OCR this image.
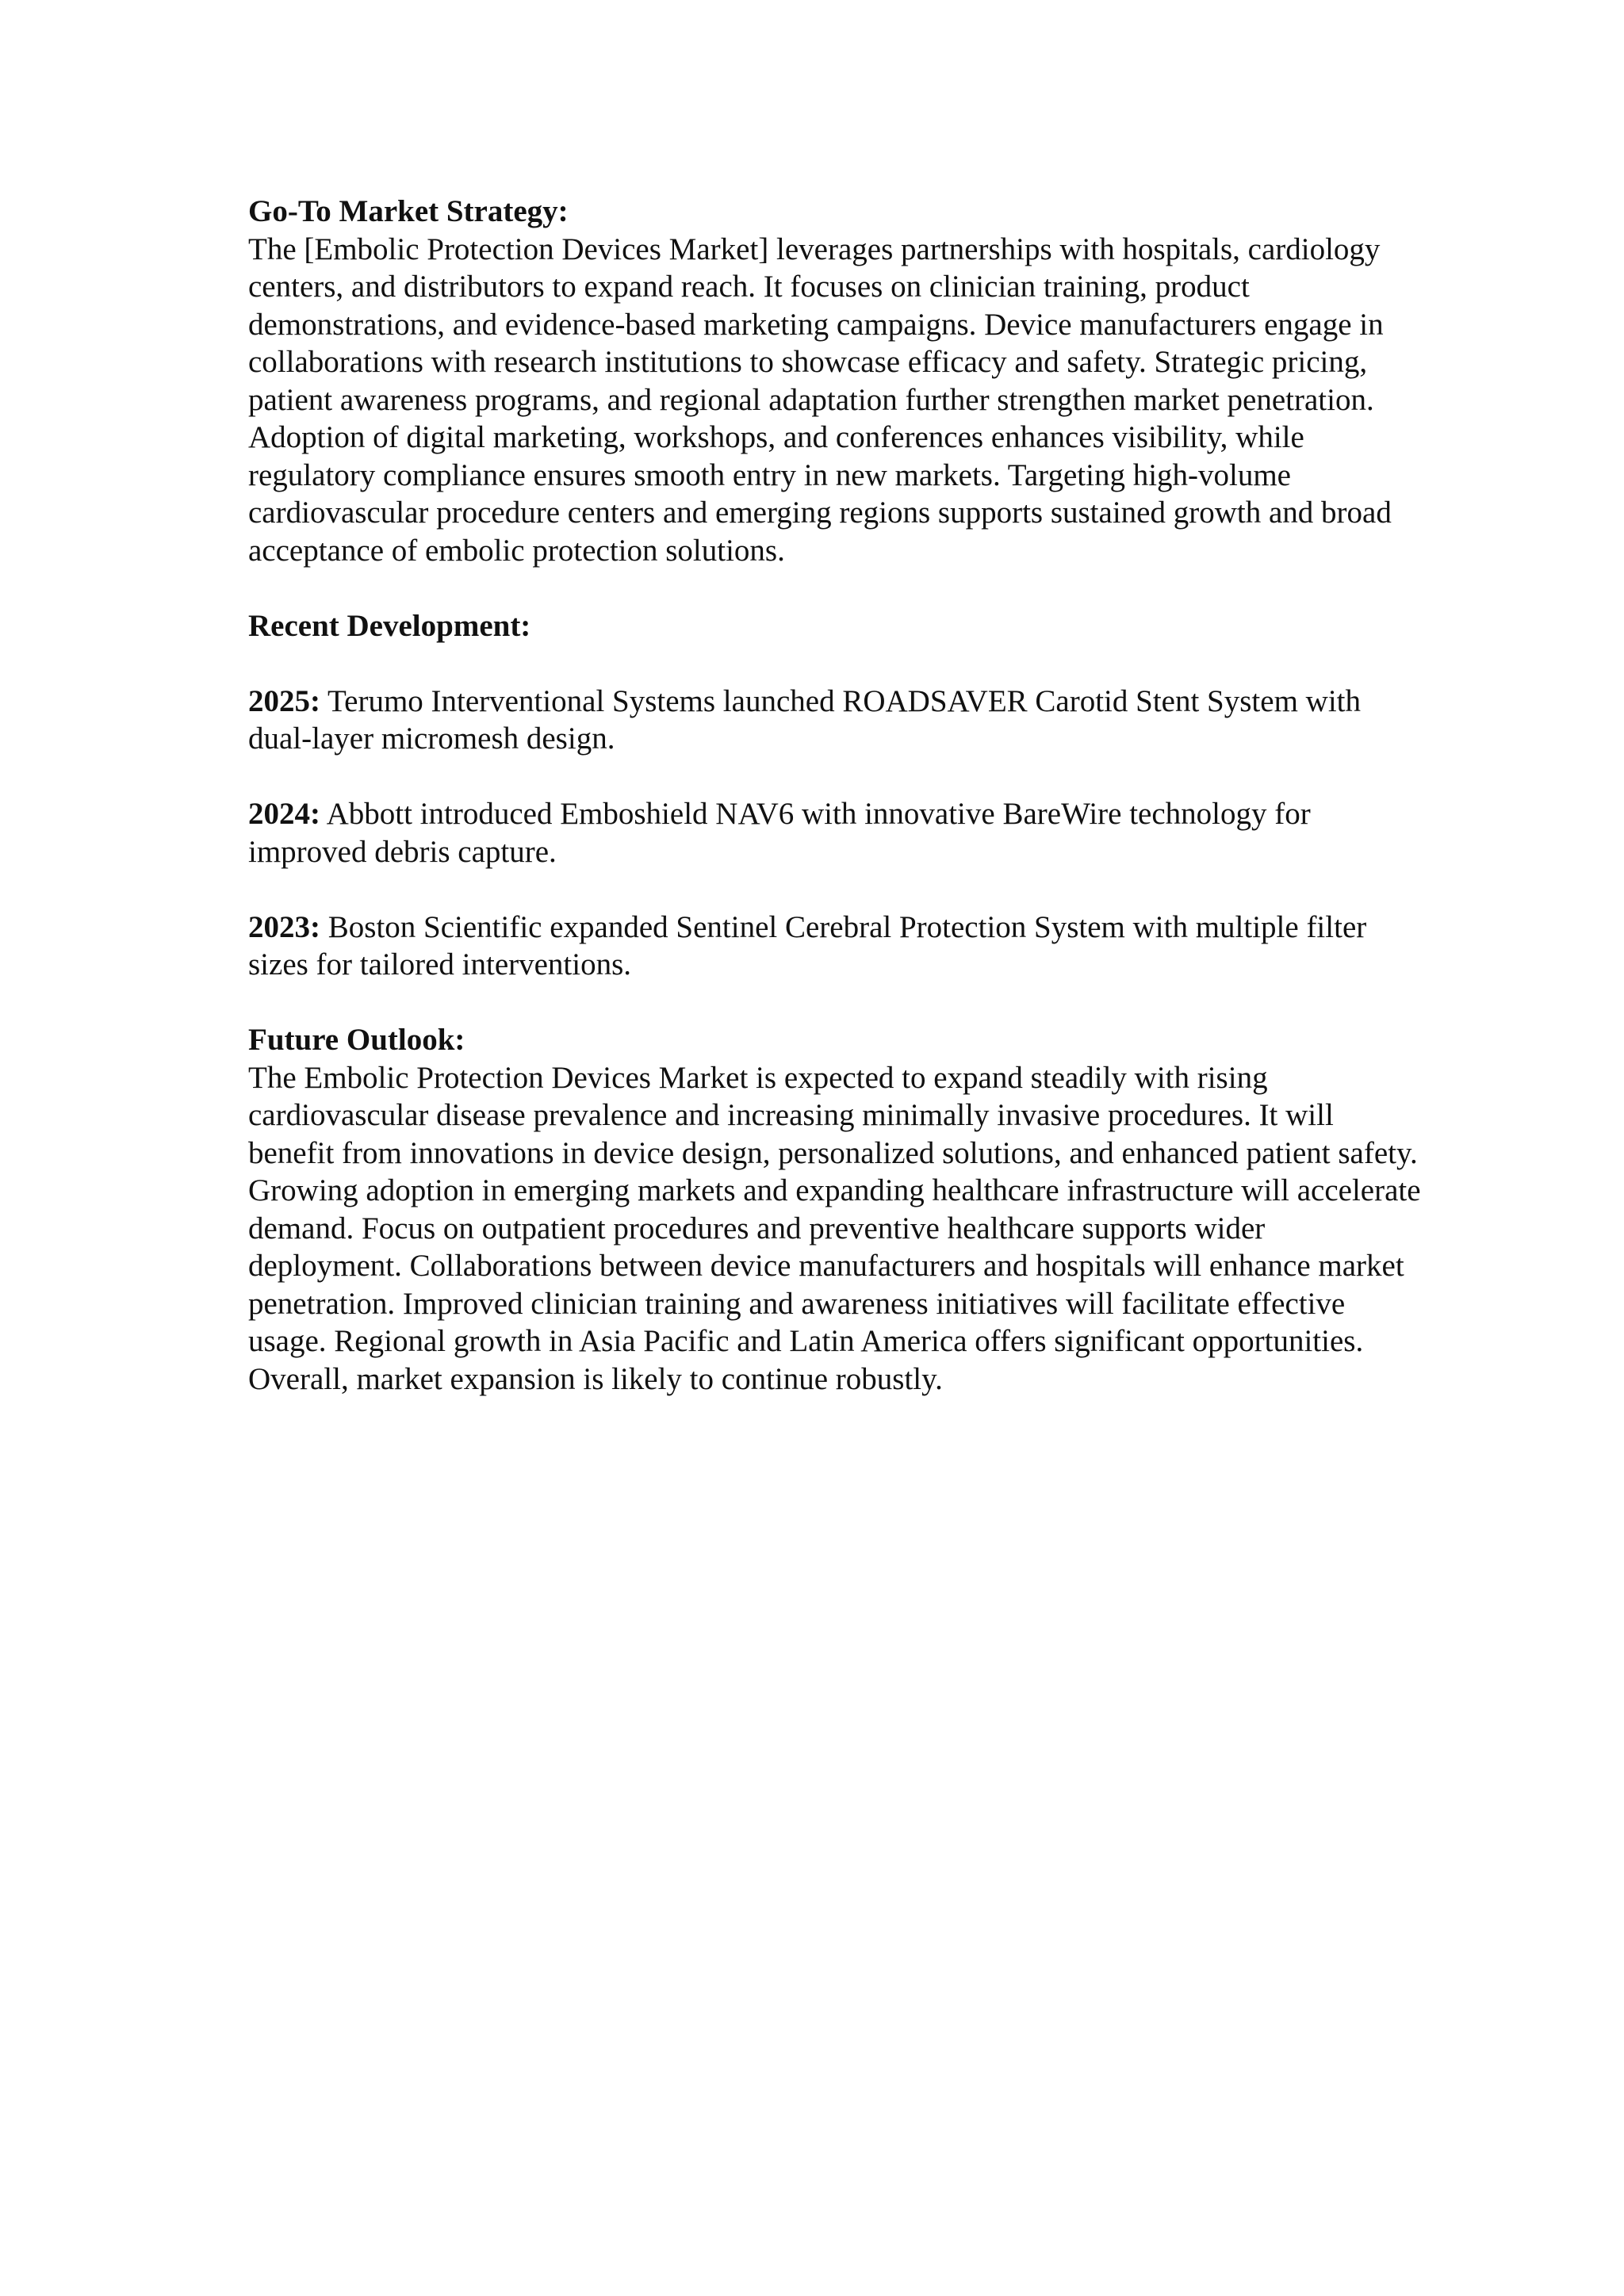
Go-To Market Strategy:

The [Embolic Protection Devices Market] leverages partnerships with hospitals, cardiology centers, and distributors to expand reach. It focuses on clinician training, product demonstrations, and evidence-based marketing campaigns. Device manufacturers engage in collaborations with research institutions to showcase efficacy and safety. Strategic pricing, patient awareness programs, and regional adaptation further strengthen market penetration. Adoption of digital marketing, workshops, and conferences enhances visibility, while regulatory compliance ensures smooth entry in new markets. Targeting high-volume cardiovascular procedure centers and emerging regions supports sustained growth and broad acceptance of embolic protection solutions.

Recent Development:

2025: Terumo Interventional Systems launched ROADSAVER Carotid Stent System with dual-layer micromesh design.

2024: Abbott introduced Emboshield NAV6 with innovative BareWire technology for improved debris capture.

2023: Boston Scientific expanded Sentinel Cerebral Protection System with multiple filter sizes for tailored interventions.

Future Outlook:

The Embolic Protection Devices Market is expected to expand steadily with rising cardiovascular disease prevalence and increasing minimally invasive procedures. It will benefit from innovations in device design, personalized solutions, and enhanced patient safety. Growing adoption in emerging markets and expanding healthcare infrastructure will accelerate demand. Focus on outpatient procedures and preventive healthcare supports wider deployment. Collaborations between device manufacturers and hospitals will enhance market penetration. Improved clinician training and awareness initiatives will facilitate effective usage. Regional growth in Asia Pacific and Latin America offers significant opportunities. Overall, market expansion is likely to continue robustly.
